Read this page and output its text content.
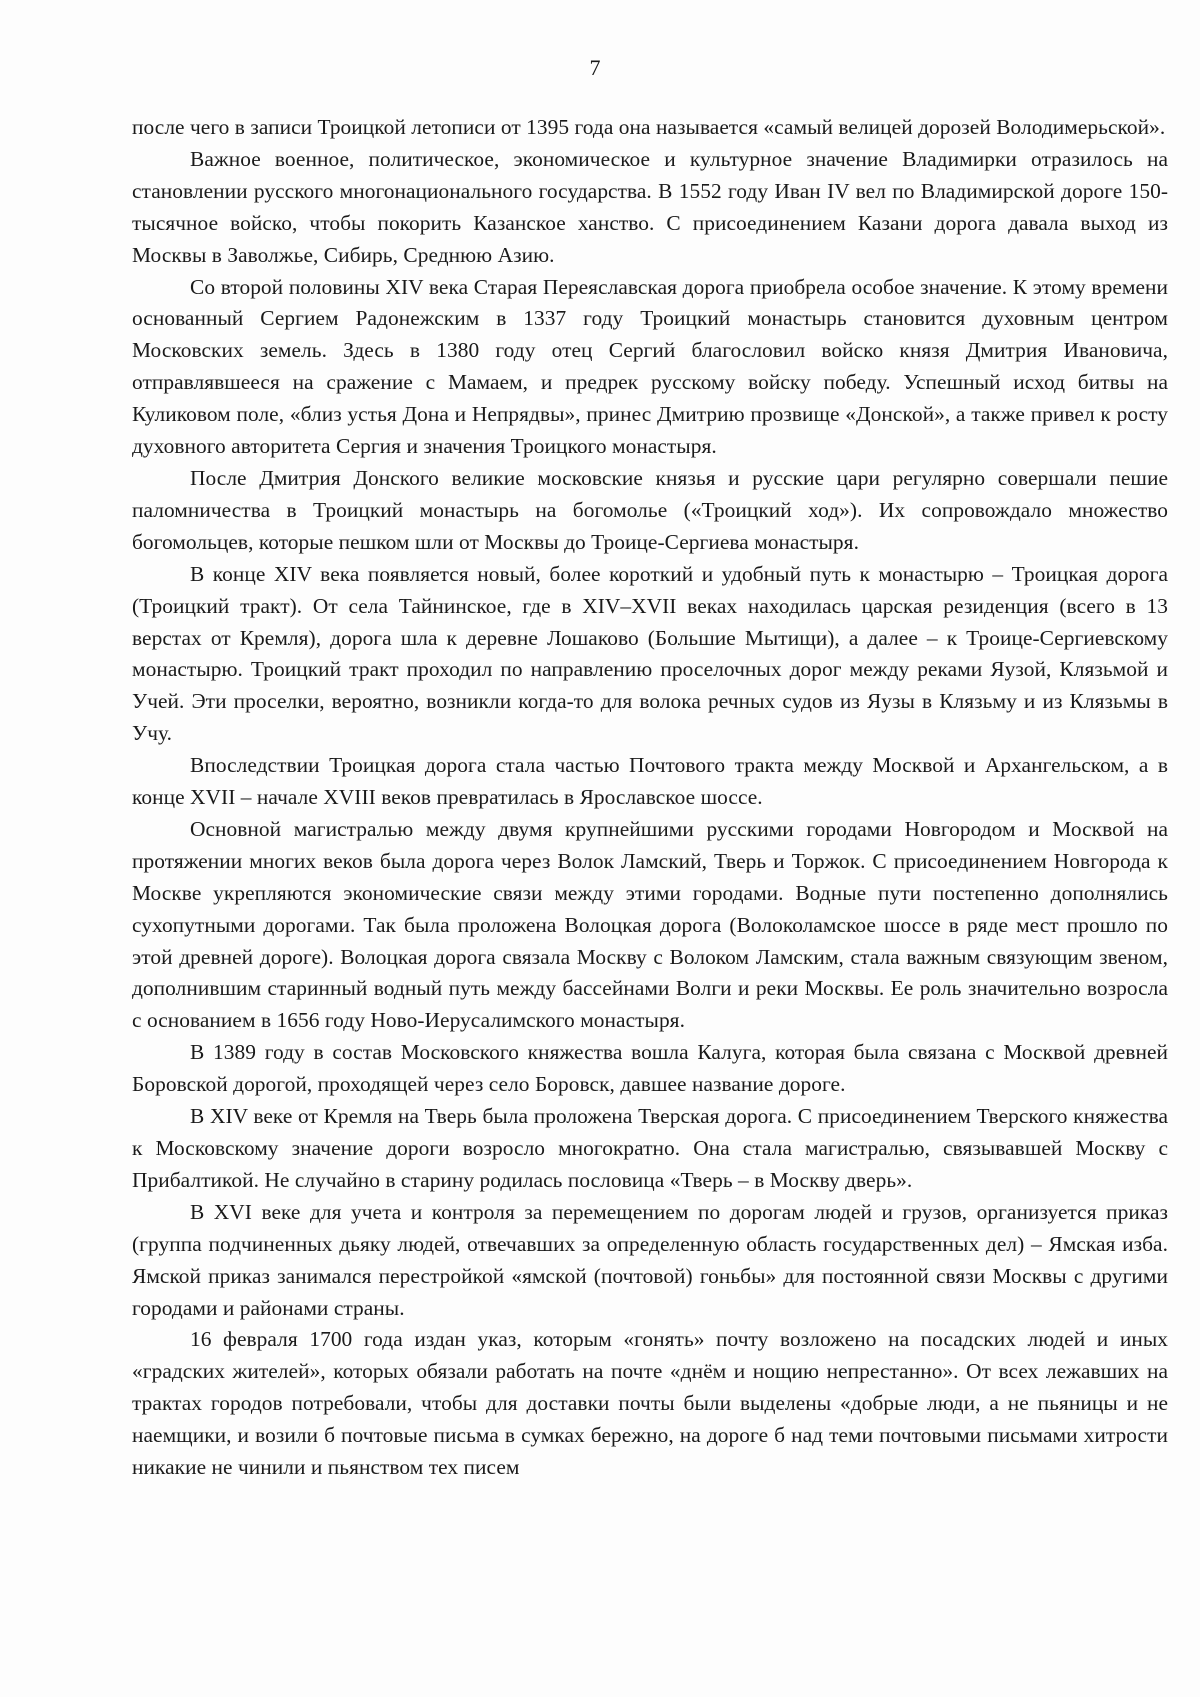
7

после чего в записи Троицкой летописи от 1395 года она называется «самый велицей дорозей Володимерьской».

Важное военное, политическое, экономическое и культурное значение Владимирки отразилось на становлении русского многонационального государства. В 1552 году Иван IV вел по Владимирской дороге 150-тысячное войско, чтобы покорить Казанское ханство. С присоединением Казани дорога давала выход из Москвы в Заволжье, Сибирь, Среднюю Азию.

Со второй половины XIV века Старая Переяславская дорога приобрела особое значение. К этому времени основанный Сергием Радонежским в 1337 году Троицкий монастырь становится духовным центром Московских земель. Здесь в 1380 году отец Сергий благословил войско князя Дмитрия Ивановича, отправлявшееся на сражение с Мамаем, и предрек русскому войску победу. Успешный исход битвы на Куликовом поле, «близ устья Дона и Непрядвы», принес Дмитрию прозвище «Донской», а также привел к росту духовного авторитета Сергия и значения Троицкого монастыря.

После Дмитрия Донского великие московские князья и русские цари регулярно совершали пешие паломничества в Троицкий монастырь на богомолье («Троицкий ход»). Их сопровождало множество богомольцев, которые пешком шли от Москвы до Троице-Сергиева монастыря.

В конце XIV века появляется новый, более короткий и удобный путь к монастырю – Троицкая дорога (Троицкий тракт). От села Тайнинское, где в XIV–XVII веках находилась царская резиденция (всего в 13 верстах от Кремля), дорога шла к деревне Лошаково (Большие Мытищи), а далее – к Троице-Сергиевскому монастырю. Троицкий тракт проходил по направлению проселочных дорог между реками Яузой, Клязьмой и Учей. Эти проселки, вероятно, возникли когда-то для волока речных судов из Яузы в Клязьму и из Клязьмы в Учу.

Впоследствии Троицкая дорога стала частью Почтового тракта между Москвой и Архангельском, а в конце XVII – начале XVIII веков превратилась в Ярославское шоссе.

Основной магистралью между двумя крупнейшими русскими городами Новгородом и Москвой на протяжении многих веков была дорога через Волок Ламский, Тверь и Торжок. С присоединением Новгорода к Москве укрепляются экономические связи между этими городами. Водные пути постепенно дополнялись сухопутными дорогами. Так была проложена Волоцкая дорога (Волоколамское шоссе в ряде мест прошло по этой древней дороге). Волоцкая дорога связала Москву с Волоком Ламским, стала важным связующим звеном, дополнившим старинный водный путь между бассейнами Волги и реки Москвы. Ее роль значительно возросла с основанием в 1656 году Ново-Иерусалимского монастыря.

В 1389 году в состав Московского княжества вошла Калуга, которая была связана с Москвой древней Боровской дорогой, проходящей через село Боровск, давшее название дороге.

В XIV веке от Кремля на Тверь была проложена Тверская дорога. С присоединением Тверского княжества к Московскому значение дороги возросло многократно. Она стала магистралью, связывавшей Москву с Прибалтикой. Не случайно в старину родилась пословица «Тверь – в Москву дверь».

В XVI веке для учета и контроля за перемещением по дорогам людей и грузов, организуется приказ (группа подчиненных дьяку людей, отвечавших за определенную область государственных дел) – Ямская изба. Ямской приказ занимался перестройкой «ямской (почтовой) гоньбы» для постоянной связи Москвы с другими городами и районами страны.

16 февраля 1700 года издан указ, которым «гонять» почту возложено на посадских людей и иных «градских жителей», которых обязали работать на почте «днём и нощию непрестанно». От всех лежавших на трактах городов потребовали, чтобы для доставки почты были выделены «добрые люди, а не пьяницы и не наемщики, и возили б почтовые письма в сумках бережно, на дороге б над теми почтовыми письмами хитрости никакие не чинили и пьянством тех писем
